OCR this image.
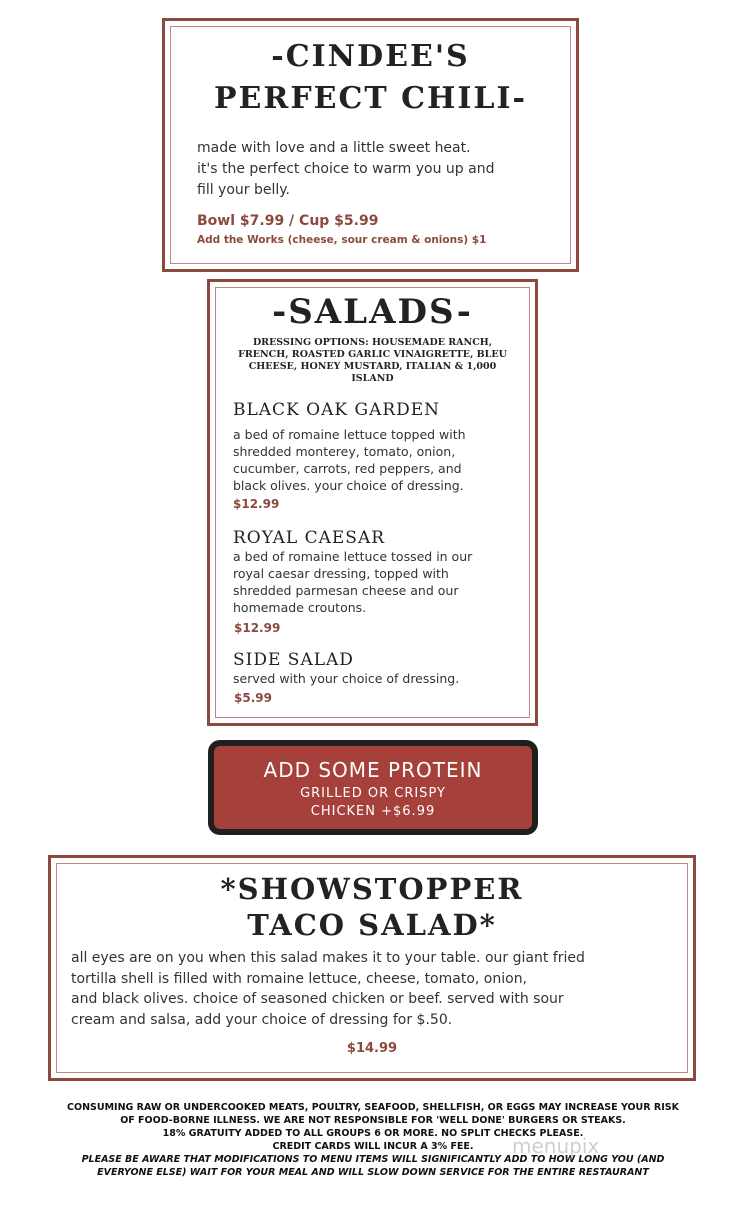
-CINDEE'S
PERFECT CHILI-
made with love and a little sweet heat.
it's the perfect choice to warm you up and
fill your belly.
Bowl $7.99 / Cup $5.99
Add the Works (cheese, sour cream & onions) $1
-SALADS-
DRESSING OPTIONS: HOUSEMADE RANCH,
FRENCH, ROASTED GARLIC VINAIGRETTE, BLEU
CHEESE, HONEY MUSTARD, ITALIAN & 1,000
ISLAND
BLACK OAK GARDEN
a bed of romaine lettuce topped with
shredded monterey, tomato, onion,
cucumber, carrots, red peppers, and
black olives. your choice of dressing.
$12.99
ROYAL CAESAR
a bed of romaine lettuce tossed in our
royal caesar dressing, topped with
shredded parmesan cheese and our
homemade croutons.
$12.99
SIDE SALAD
served with your choice of dressing.
$5.99
ADD SOME PROTEIN
GRILLED OR CRISPY
CHICKEN +$6.99
*SHOWSTOPPER
TACO SALAD*
all eyes are on you when this salad makes it to your table. our giant fried
tortilla shell is filled with romaine lettuce, cheese, tomato, onion,
and black olives. choice of seasoned chicken or beef. served with sour
cream and salsa, add your choice of dressing for $.50.
$14.99
CONSUMING RAW OR UNDERCOOKED MEATS, POULTRY, SEAFOOD, SHELLFISH, OR EGGS MAY INCREASE YOUR RISK
OF FOOD-BORNE ILLNESS. WE ARE NOT RESPONSIBLE FOR 'WELL DONE' BURGERS OR STEAKS.
18% GRATUITY ADDED TO ALL GROUPS 6 OR MORE. NO SPLIT CHECKS PLEASE.
CREDIT CARDS WILL INCUR A 3% FEE.
PLEASE BE AWARE THAT MODIFICATIONS TO MENU ITEMS WILL SIGNIFICANTLY ADD TO HOW LONG YOU (AND
EVERYONE ELSE) WAIT FOR YOUR MEAL AND WILL SLOW DOWN SERVICE FOR THE ENTIRE RESTAURANT
menupix
